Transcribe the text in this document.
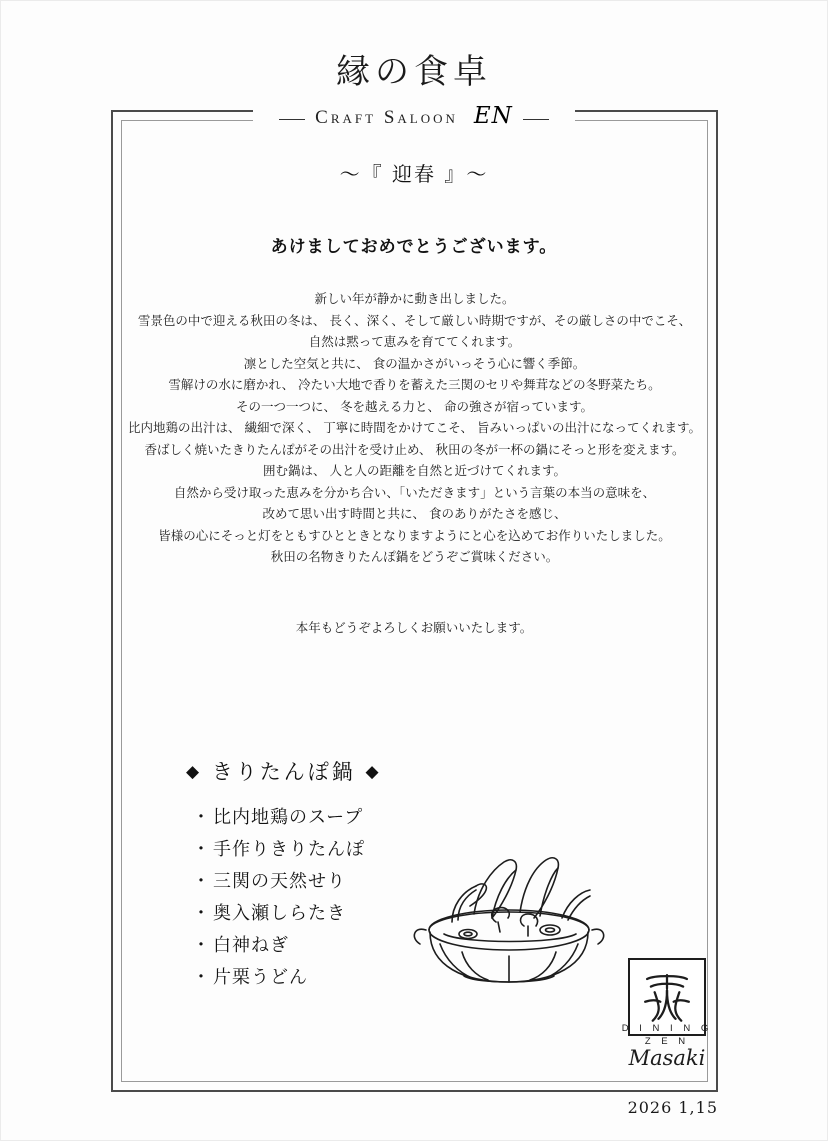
縁の食卓
Craft Saloon EN
〜『 迎春 』〜
あけましておめでとうございます。

新しい年が静かに動き出しました。

雪景色の中で迎える秋田の冬は、 長く、深く、そして厳しい時期ですが、その厳しさの中でこそ、

自然は黙って恵みを育ててくれます。

凛とした空気と共に、 食の温かさがいっそう心に響く季節。

雪解けの水に磨かれ、 冷たい大地で香りを蓄えた三関のセリや舞茸などの冬野菜たち。

その一つ一つに、 冬を越える力と、 命の強さが宿っています。

比内地鶏の出汁は、 繊細で深く、 丁寧に時間をかけてこそ、 旨みいっぱいの出汁になってくれます。

香ばしく焼いたきりたんぽがその出汁を受け止め、 秋田の冬が一杯の鍋にそっと形を変えます。

囲む鍋は、 人と人の距離を自然と近づけてくれます。

自然から受け取った恵みを分かち合い、「いただきます」という言葉の本当の意味を、

改めて思い出す時間と共に、 食のありがたさを感じ、

皆様の心にそっと灯をともすひとときとなりますようにと心を込めてお作りいたしました。

秋田の名物きりたんぽ鍋をどうぞご賞味ください。

本年もどうぞよろしくお願いいたします。
◆ きりたんぽ鍋 ◆
・ 比内地鶏のスープ
・ 手作りきりたんぽ
・ 三関の天然せり
・ 奥入瀬しらたき
・ 白神ねぎ
・ 片栗うどん
D I N I N G
Z E N
Masaki
2026 1,15
